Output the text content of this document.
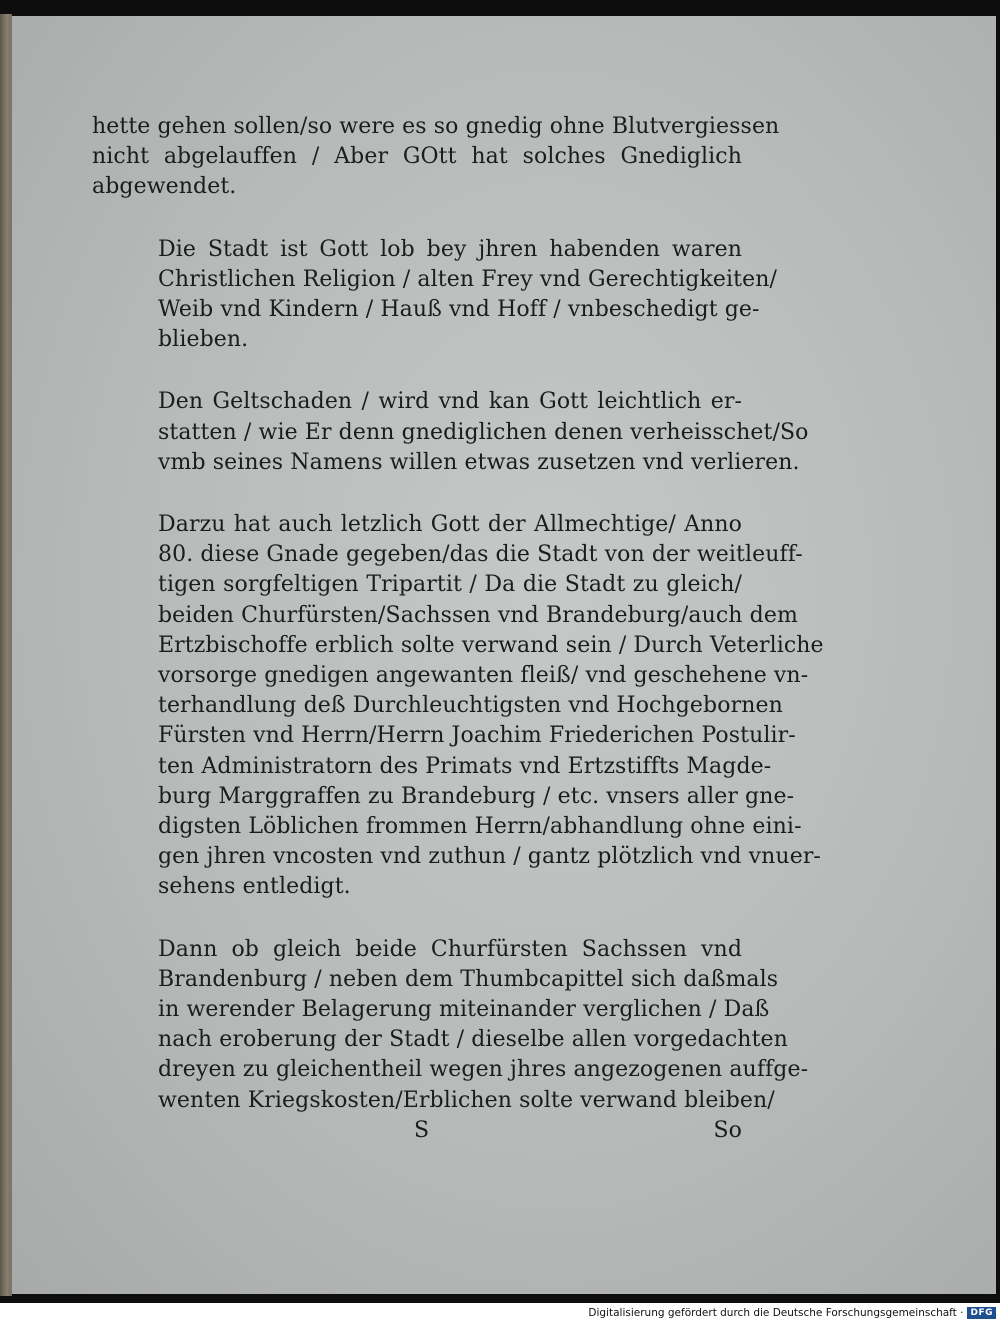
hette gehen sollen/so were es so gnedig ohne Blutvergiessen
nicht abgelauffen / Aber GOtt hat solches Gnediglich
abgewendet.
Die Stadt ist Gott lob bey jhren habenden waren
Christlichen Religion / alten Frey vnd Gerechtigkeiten/
Weib vnd Kindern / Hauß vnd Hoff / vnbeschedigt ge-
blieben.
Den Geltschaden / wird vnd kan Gott leichtlich er-
statten / wie Er denn gnediglichen denen verheisschet/So
vmb seines Namens willen etwas zusetzen vnd verlieren.
Darzu hat auch letzlich Gott der Allmechtige/ Anno
80. diese Gnade gegeben/das die Stadt von der weitleuff-
tigen sorgfeltigen Tripartit / Da die Stadt zu gleich/
beiden Churfürsten/Sachssen vnd Brandeburg/auch dem
Ertzbischoffe erblich solte verwand sein / Durch Veterliche
vorsorge gnedigen angewanten fleiß/ vnd geschehene vn-
terhandlung deß Durchleuchtigsten vnd Hochgebornen
Fürsten vnd Herrn/Herrn Joachim Friederichen Postulir-
ten Administratorn des Primats vnd Ertzstiffts Magde-
burg Marggraffen zu Brandeburg / etc. vnsers aller gne-
digsten Löblichen frommen Herrn/abhandlung ohne eini-
gen jhren vncosten vnd zuthun / gantz plötzlich vnd vnuer-
sehens entledigt.
Dann ob gleich beide Churfürsten Sachssen vnd
Brandenburg / neben dem Thumbcapittel sich daßmals
in werender Belagerung miteinander verglichen / Daß
nach eroberung der Stadt / dieselbe allen vorgedachten
dreyen zu gleichentheil wegen jhres angezogenen auffge-
wenten Kriegskosten/Erblichen solte verwand bleiben/
S	So
Digitalisierung gefördert durch die Deutsche Forschungsgemeinschaft · DFG
